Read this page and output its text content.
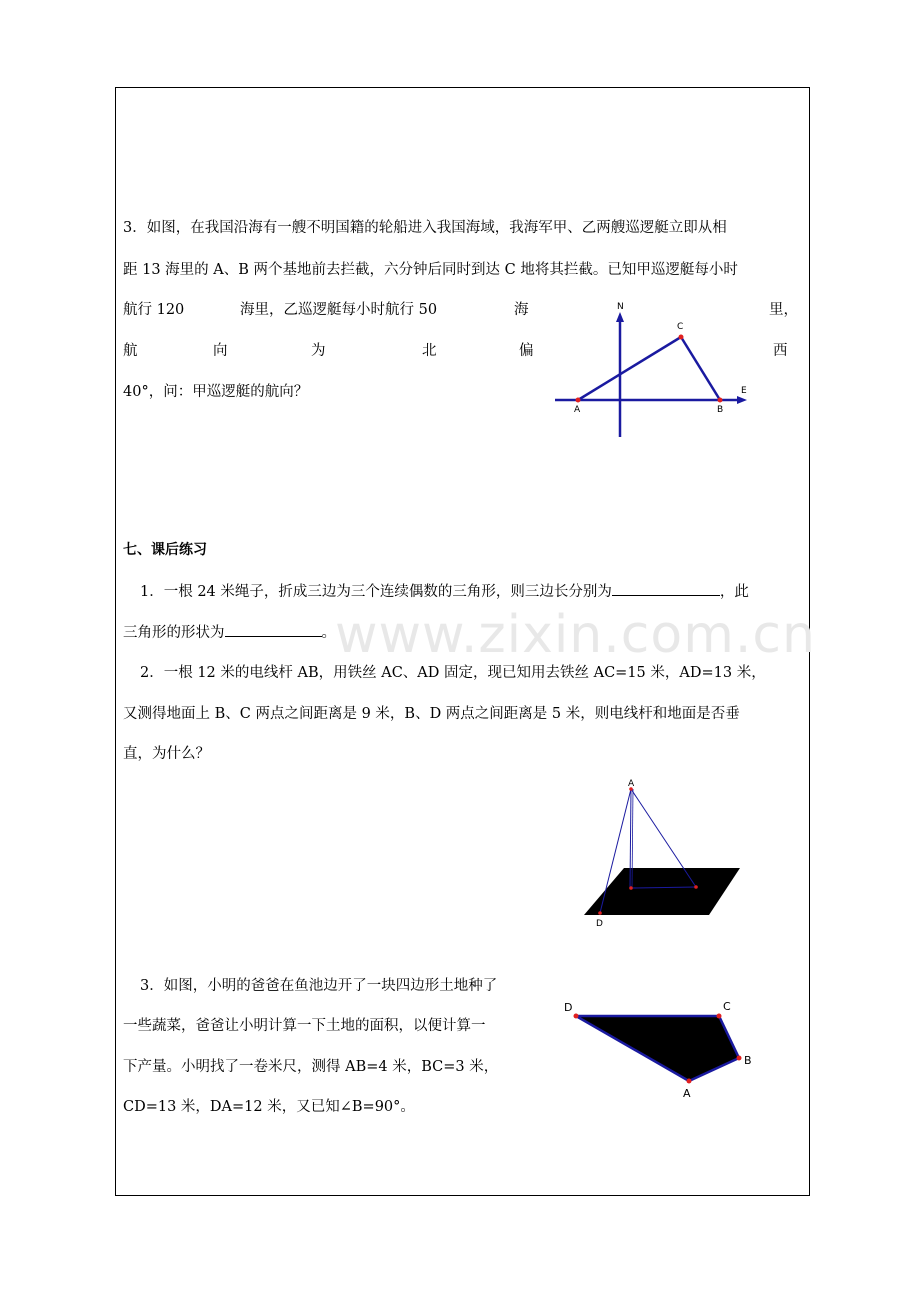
www.zixin.com.cn
3．如图，在我国沿海有一艘不明国籍的轮船进入我国海域，我海军甲、乙两艘巡逻艇立即从相
距 13 海里的 A、B 两个基地前去拦截，六分钟后同时到达 C 地将其拦截。已知甲巡逻艇每小时
航行 120	海里，乙巡逻艇每小时航行 50	海	里，
航	向	为	北	偏	西
40°，问：甲巡逻艇的航向？
N
C
E
A	B
七、课后练习
1．一根 24 米绳子，折成三边为三个连续偶数的三角形，则三边长分别为	，此
三角形的形状为	。
2．一根 12 米的电线杆 AB，用铁丝 AC、AD 固定，现已知用去铁丝 AC=15 米，AD=13 米，
又测得地面上 B、C 两点之间距离是 9 米，B、D 两点之间距离是 5 米，则电线杆和地面是否垂
直，为什么？
A
D
3．如图，小明的爸爸在鱼池边开了一块四边形土地种了
一些蔬菜，爸爸让小明计算一下土地的面积，以便计算一
下产量。小明找了一卷米尺，测得 AB=4 米，BC=3 米，
CD=13 米，DA=12 米，又已知∠B=90°。
D	C
B
A
